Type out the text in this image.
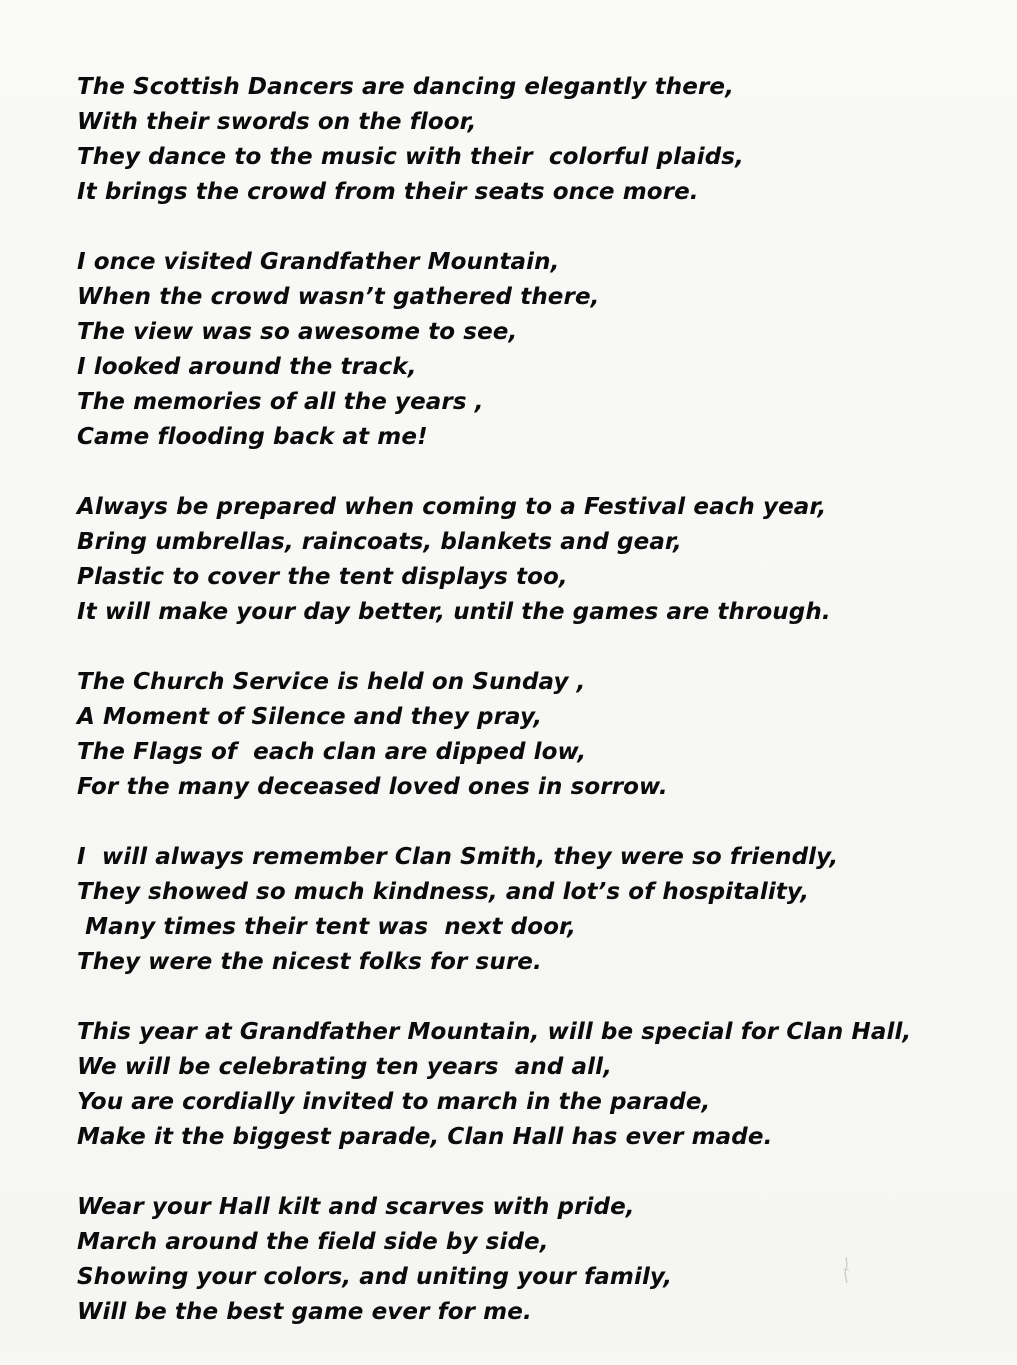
The Scottish Dancers are dancing elegantly there,
With their swords on the floor,
They dance to the music with their  colorful plaids,
It brings the crowd from their seats once more.
I once visited Grandfather Mountain,
When the crowd wasn’t gathered there,
The view was so awesome to see,
I looked around the track,
The memories of all the years ,
Came flooding back at me!
Always be prepared when coming to a Festival each year,
Bring umbrellas, raincoats, blankets and gear,
Plastic to cover the tent displays too,
It will make your day better, until the games are through.
The Church Service is held on Sunday ,
A Moment of Silence and they pray,
The Flags of  each clan are dipped low,
For the many deceased loved ones in sorrow.
I  will always remember Clan Smith, they were so friendly,
They showed so much kindness, and lot’s of hospitality,
Many times their tent was  next door,
They were the nicest folks for sure.
This year at Grandfather Mountain, will be special for Clan Hall,
We will be celebrating ten years  and all,
You are cordially invited to march in the parade,
Make it the biggest parade, Clan Hall has ever made.
Wear your Hall kilt and scarves with pride,
March around the field side by side,
Showing your colors, and uniting your family,
Will be the best game ever for me.
